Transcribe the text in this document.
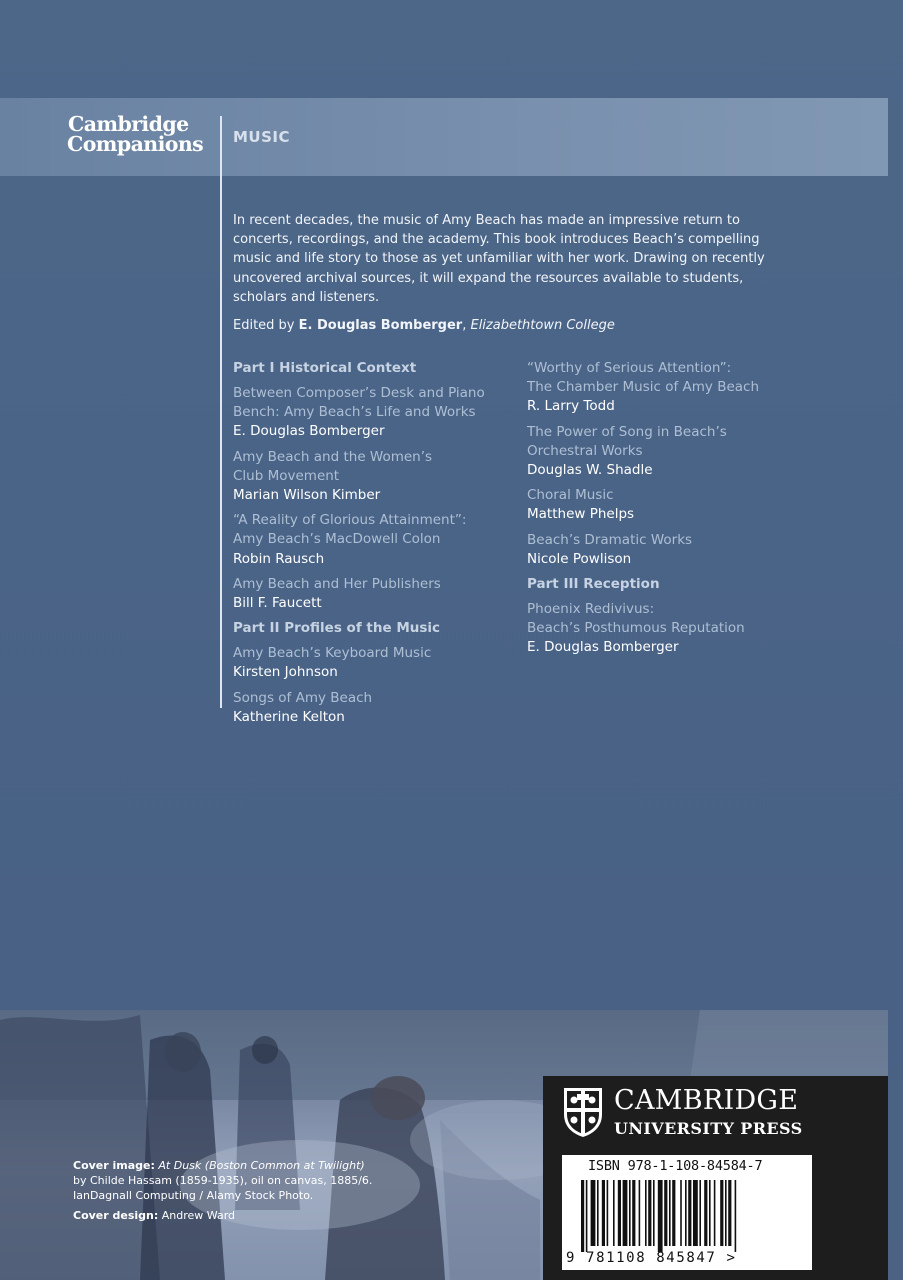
Cambridge
Companions	MUSIC

In recent decades, the music of Amy Beach has made an impressive return to concerts, recordings, and the academy. This book introduces Beach’s compelling music and life story to those as yet unfamiliar with her work. Drawing on recently uncovered archival sources, it will expand the resources available to students, scholars and listeners.

Edited by E. Douglas Bomberger, Elizabethtown College

Part I Historical Context
Between Composer’s Desk and Piano
Bench: Amy Beach’s Life and Works
E. Douglas Bomberger
Amy Beach and the Women’s
Club Movement
Marian Wilson Kimber
“A Reality of Glorious Attainment”:
Amy Beach’s MacDowell Colon
Robin Rausch
Amy Beach and Her Publishers
Bill F. Faucett
Part II Profiles of the Music
Amy Beach’s Keyboard Music
Kirsten Johnson
Songs of Amy Beach
Katherine Kelton
“Worthy of Serious Attention”:
The Chamber Music of Amy Beach
R. Larry Todd
The Power of Song in Beach’s
Orchestral Works
Douglas W. Shadle
Choral Music
Matthew Phelps
Beach’s Dramatic Works
Nicole Powlison
Part III Reception
Phoenix Redivivus:
Beach’s Posthumous Reputation
E. Douglas Bomberger
Cover image: At Dusk (Boston Common at Twilight)
by Childe Hassam (1859-1935), oil on canvas, 1885/6.
IanDagnall Computing / Alamy Stock Photo.
Cover design: Andrew Ward
CAMBRIDGE
UNIVERSITY PRESS
ISBN 978-1-108-84584-7
9 781108 845847 >
